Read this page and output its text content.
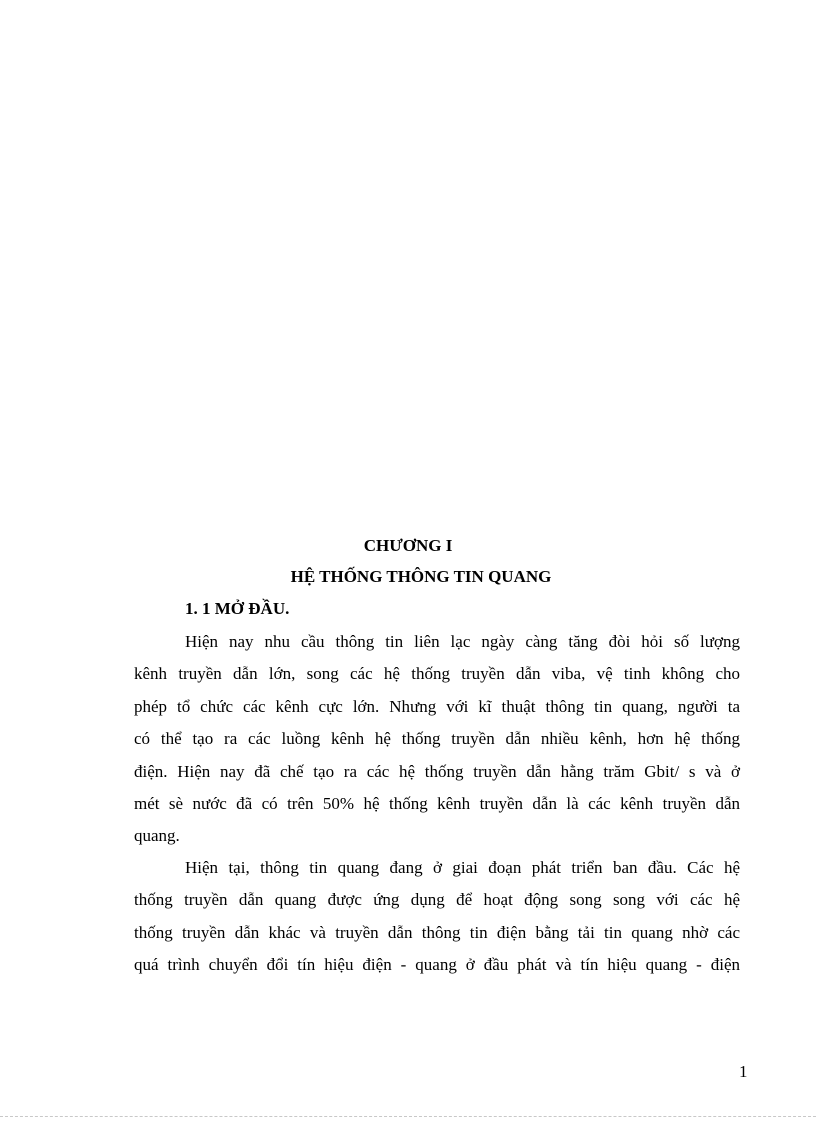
CHƯƠNG I
HỆ THỐNG THÔNG TIN QUANG
1. 1 MỞ ĐẦU.

Hiện nay nhu cầu thông tin liên lạc ngày càng tăng đòi hỏi số lượng
kênh truyền dẫn lớn, song các hệ thống truyền dẫn viba, vệ tinh không cho
phép tổ chức các kênh cực lớn. Nhưng với kĩ thuật thông tin quang, người ta
có thể tạo ra các luồng kênh hệ thống truyền dẫn nhiều kênh, hơn hệ thống
điện. Hiện nay đã chế tạo ra các hệ thống truyền dẫn hằng trăm Gbit/ s và ở
mét sè nước đã có trên 50% hệ thống kênh truyền dẫn là các kênh truyền dẫn
quang.

Hiện tại, thông tin quang đang ở giai đoạn phát triển ban đầu. Các hệ
thống truyền dẫn quang được ứng dụng để hoạt động song song với các hệ
thống truyền dẫn khác và truyền dẫn thông tin điện bằng tải tin quang nhờ các
quá trình chuyển đổi tín hiệu điện - quang ở đầu phát và tín hiệu quang - điện

1
